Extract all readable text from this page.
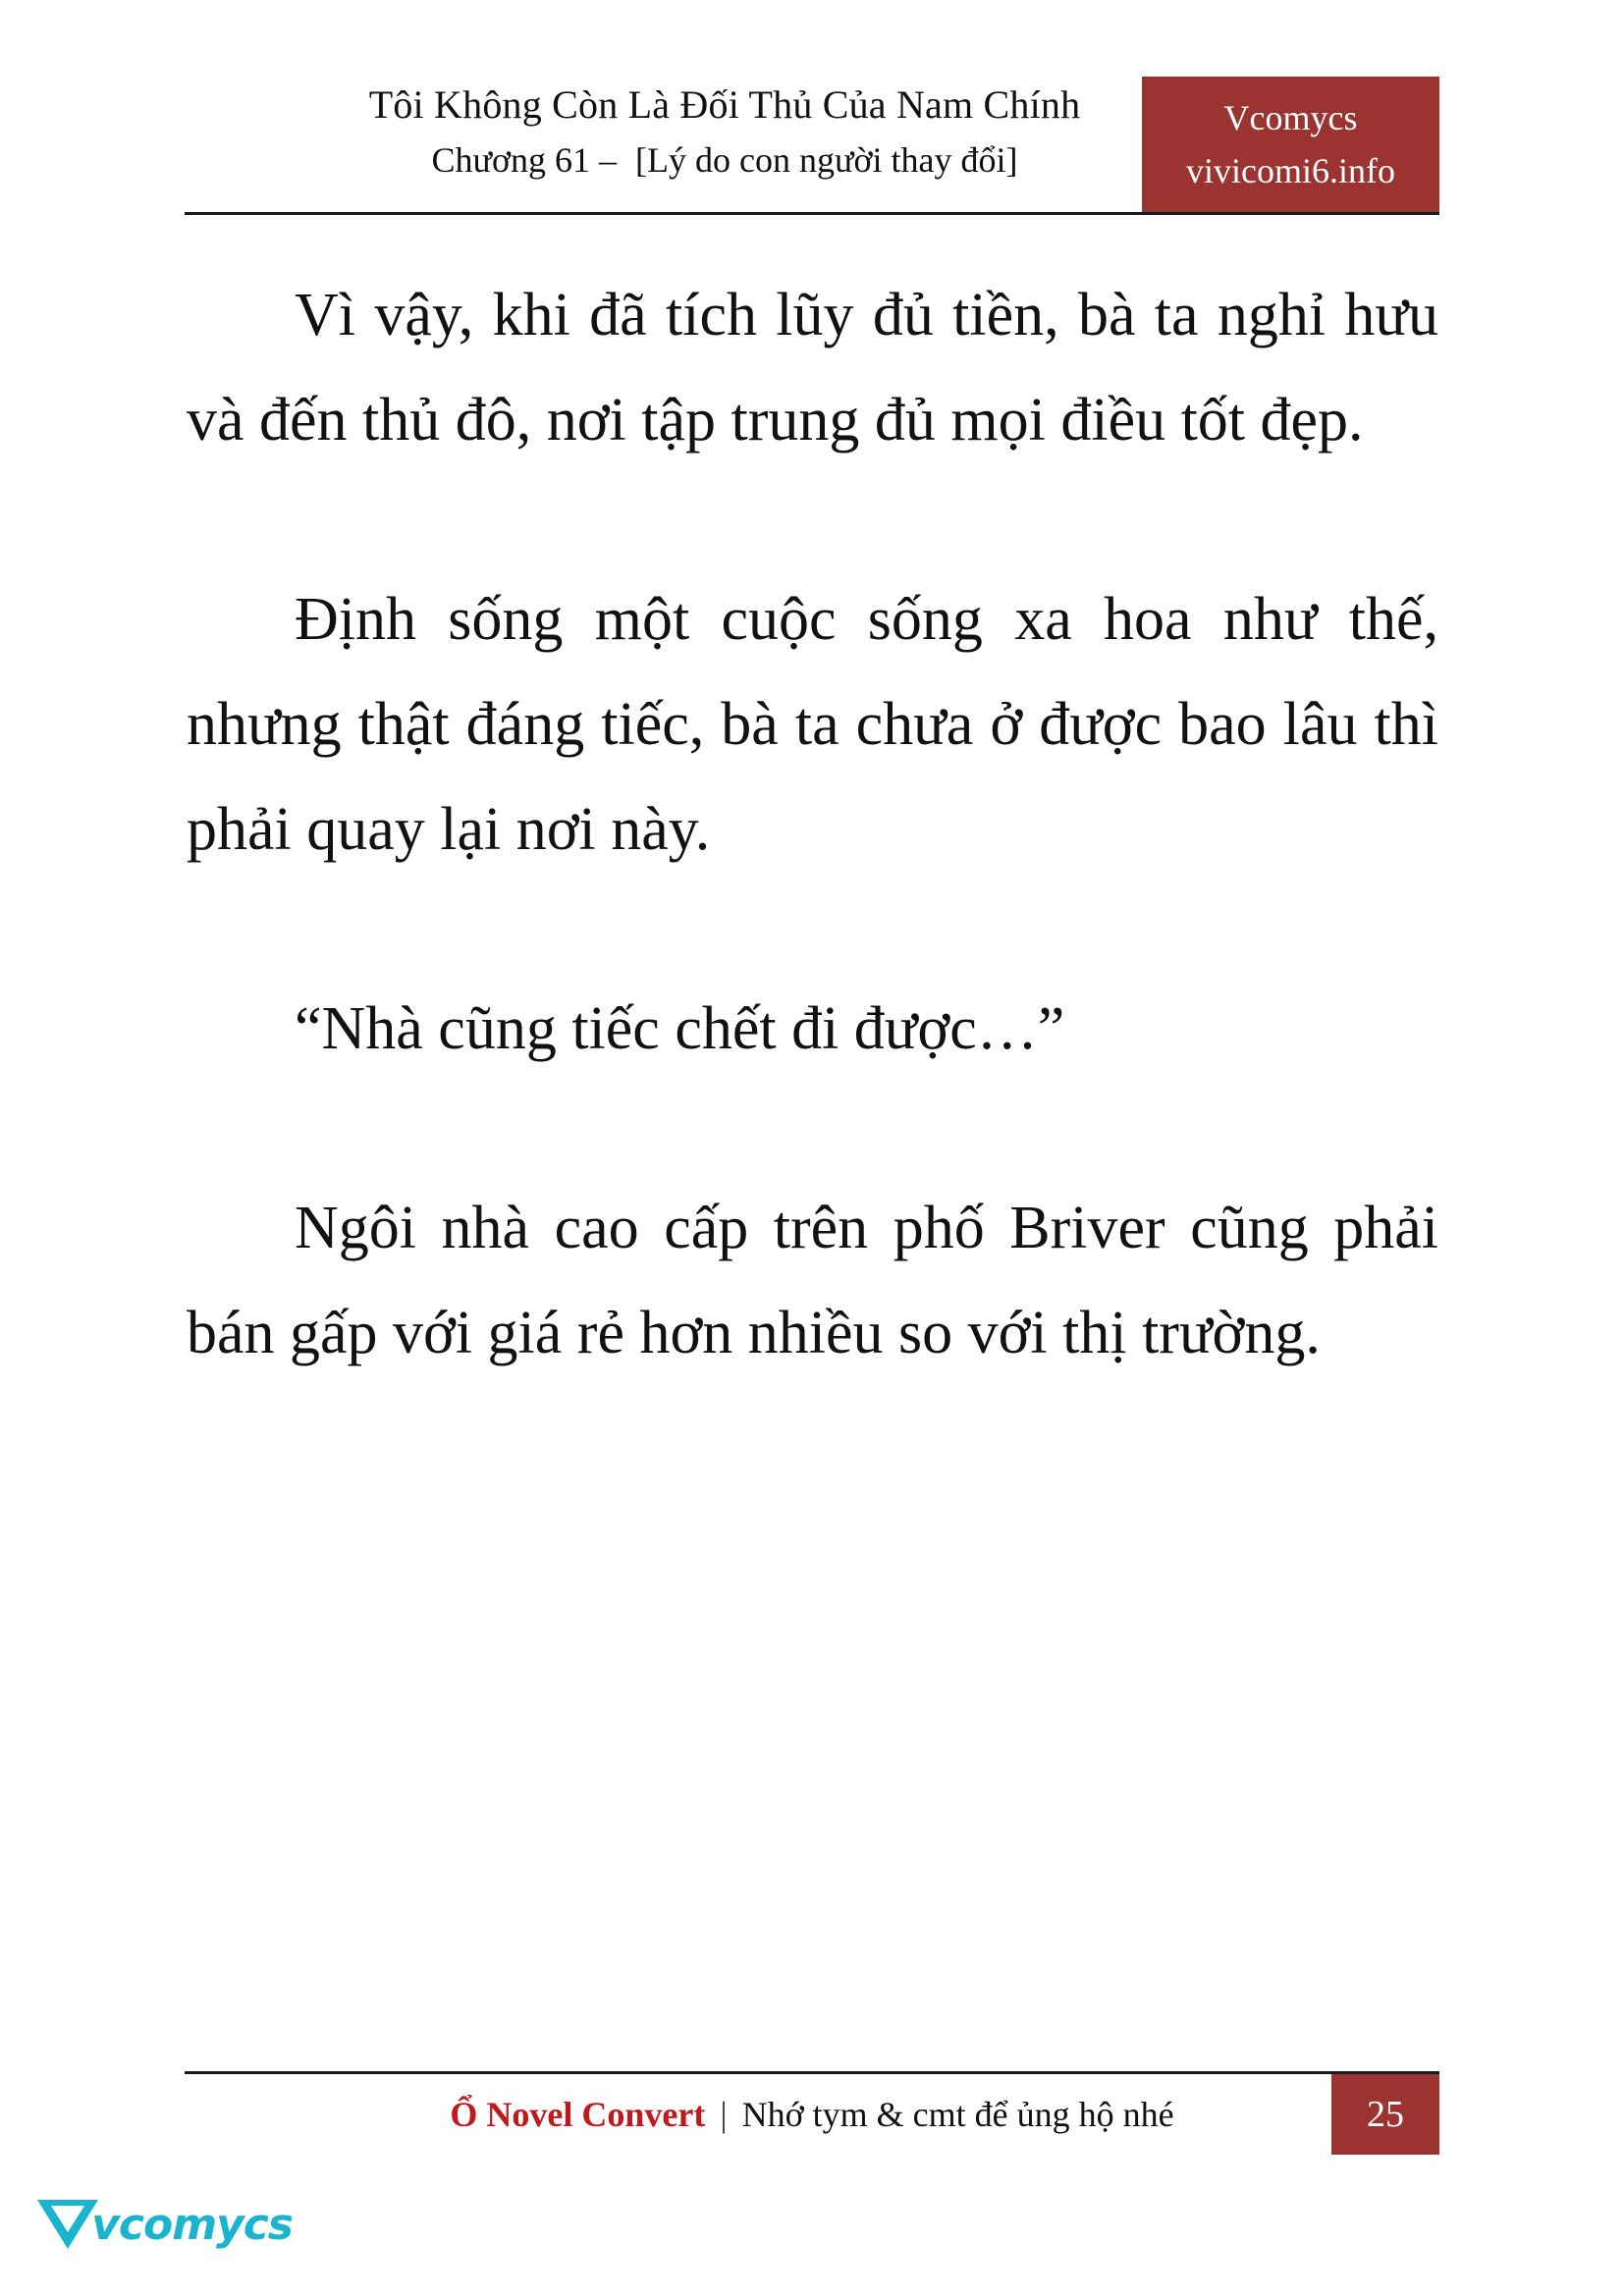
Tôi Không Còn Là Đối Thủ Của Nam Chính
Chương 61 – [Lý do con người thay đổi]
Vcomycs
vivicomi6.info

Vì vậy, khi đã tích lũy đủ tiền, bà ta nghỉ hưu và đến thủ đô, nơi tập trung đủ mọi điều tốt đẹp.

Định sống một cuộc sống xa hoa như thế, nhưng thật đáng tiếc, bà ta chưa ở được bao lâu thì phải quay lại nơi này.

“Nhà cũng tiếc chết đi được…”

Ngôi nhà cao cấp trên phố Briver cũng phải bán gấp với giá rẻ hơn nhiều so với thị trường.

Ổ Novel Convert | Nhớ tym & cmt để ủng hộ nhé	25
vcomycs
